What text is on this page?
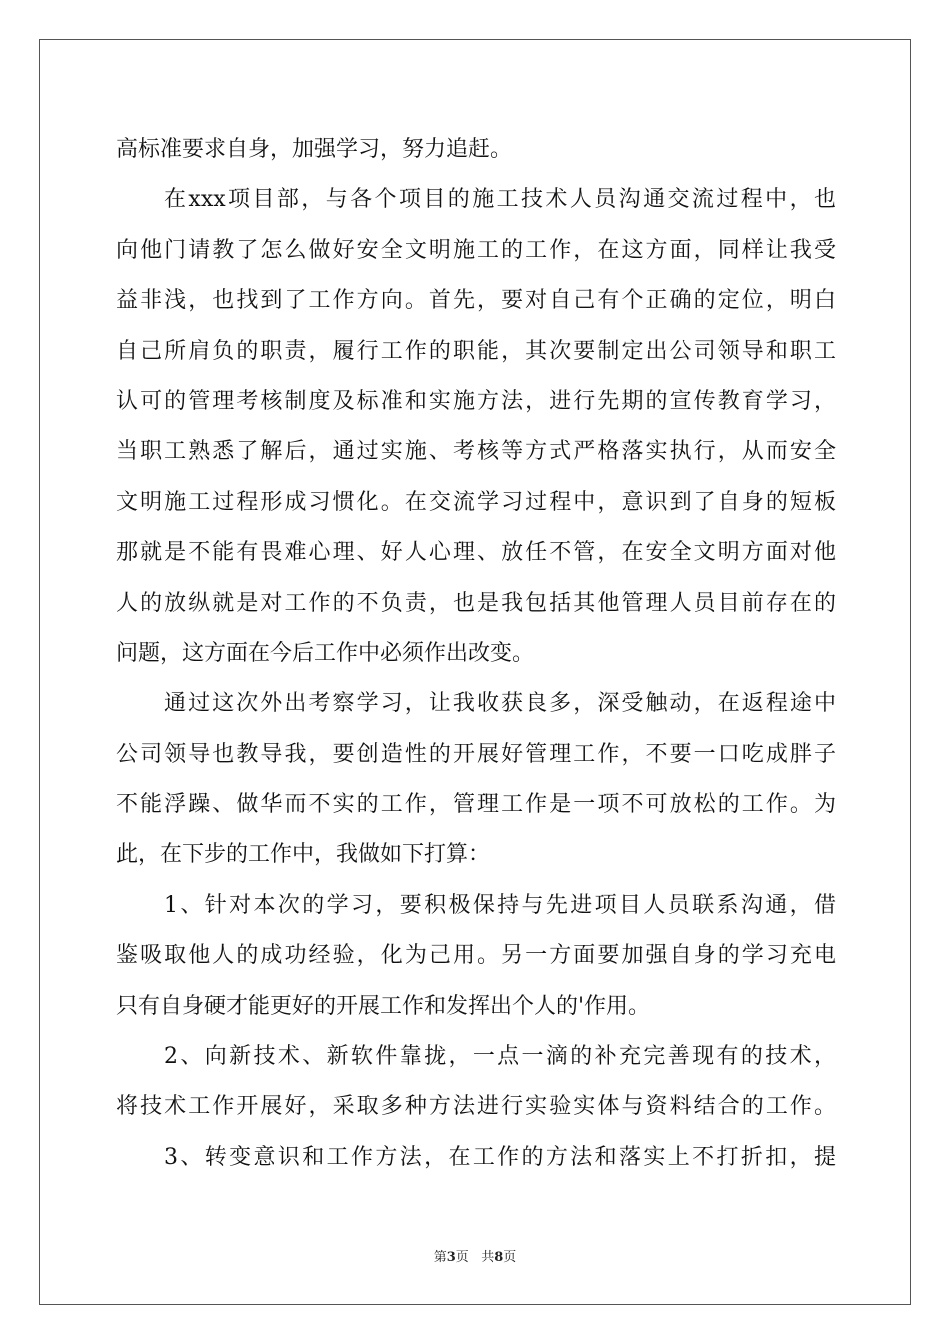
高标准要求自身，加强学习，努力追赶。
在xxx项目部，与各个项目的施工技术人员沟通交流过程中，也
向他门请教了怎么做好安全文明施工的工作，在这方面，同样让我受
益非浅，也找到了工作方向。首先，要对自己有个正确的定位，明白
自己所肩负的职责，履行工作的职能，其次要制定出公司领导和职工
认可的管理考核制度及标准和实施方法，进行先期的宣传教育学习，
当职工熟悉了解后，通过实施、考核等方式严格落实执行，从而安全
文明施工过程形成习惯化。在交流学习过程中，意识到了自身的短板
那就是不能有畏难心理、好人心理、放任不管，在安全文明方面对他
人的放纵就是对工作的不负责，也是我包括其他管理人员目前存在的
问题，这方面在今后工作中必须作出改变。
通过这次外出考察学习，让我收获良多，深受触动，在返程途中
公司领导也教导我，要创造性的开展好管理工作，不要一口吃成胖子
不能浮躁、做华而不实的工作，管理工作是一项不可放松的工作。为
此，在下步的工作中，我做如下打算：
1、针对本次的学习，要积极保持与先进项目人员联系沟通，借
鉴吸取他人的成功经验，化为己用。另一方面要加强自身的学习充电
只有自身硬才能更好的开展工作和发挥出个人的'作用。
2、向新技术、新软件靠拢，一点一滴的补充完善现有的技术，
将技术工作开展好，采取多种方法进行实验实体与资料结合的工作。
3、转变意识和工作方法，在工作的方法和落实上不打折扣，提
第3页 共8页
